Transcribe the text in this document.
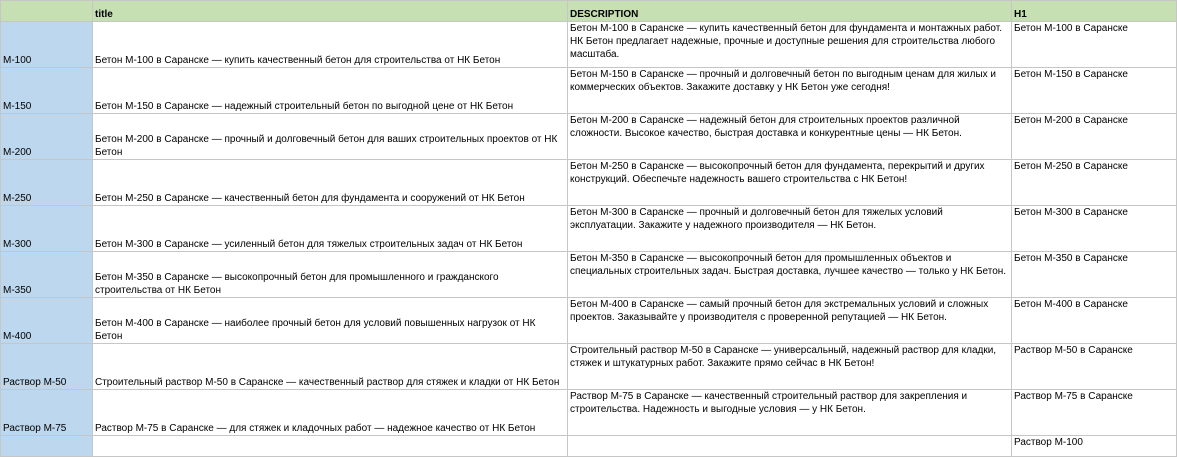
	title	DESCRIPTION	H1
М-100	Бетон М-100 в Саранске — купить качественный бетон для строительства от НК Бетон	Бетон М-100 в Саранске — купить качественный бетон для фундамента и монтажных работ. НК Бетон предлагает надежные, прочные и доступные решения для строительства любого масштаба.	Бетон М-100 в Саранске
М-150	Бетон М-150 в Саранске — надежный строительный бетон по выгодной цене от НК Бетон	Бетон М-150 в Саранске — прочный и долговечный бетон по выгодным ценам для жилых и коммерческих объектов. Закажите доставку у НК Бетон уже сегодня!	Бетон М-150 в Саранске
М-200	Бетон М-200 в Саранске — прочный и долговечный бетон для ваших строительных проектов от НК Бетон	Бетон М-200 в Саранске — надежный бетон для строительных проектов различной сложности. Высокое качество, быстрая доставка и конкурентные цены — НК Бетон.	Бетон М-200 в Саранске
М-250	Бетон М-250 в Саранске — качественный бетон для фундамента и сооружений от НК Бетон	Бетон М-250 в Саранске — высокопрочный бетон для фундамента, перекрытий и других конструкций. Обеспечьте надежность вашего строительства с НК Бетон!	Бетон М-250 в Саранске
М-300	Бетон М-300 в Саранске — усиленный бетон для тяжелых строительных задач от НК Бетон	Бетон М-300 в Саранске — прочный и долговечный бетон для тяжелых условий эксплуатации. Закажите у надежного производителя — НК Бетон.	Бетон М-300 в Саранске
М-350	Бетон М-350 в Саранске — высокопрочный бетон для промышленного и гражданского строительства от НК Бетон	Бетон М-350 в Саранске — высокопрочный бетон для промышленных объектов и специальных строительных задач. Быстрая доставка, лучшее качество — только у НК Бетон.	Бетон М-350 в Саранске
М-400	Бетон М-400 в Саранске — наиболее прочный бетон для условий повышенных нагрузок от НК Бетон	Бетон М-400 в Саранске — самый прочный бетон для экстремальных условий и сложных проектов. Заказывайте у производителя с проверенной репутацией — НК Бетон.	Бетон М-400 в Саранске
Раствор М-50	Строительный раствор М-50 в Саранске — качественный раствор для стяжек и кладки от НК Бетон	Строительный раствор М-50 в Саранске — универсальный, надежный раствор для кладки, стяжек и штукатурных работ. Закажите прямо сейчас в НК Бетон!	Раствор М-50 в Саранске
Раствор М-75	Раствор М-75 в Саранске — для стяжек и кладочных работ — надежное качество от НК Бетон	Раствор М-75 в Саранске — качественный строительный раствор для закрепления и строительства. Надежность и выгодные условия — у НК Бетон.	Раствор М-75 в Саранске
			Раствор М-100
